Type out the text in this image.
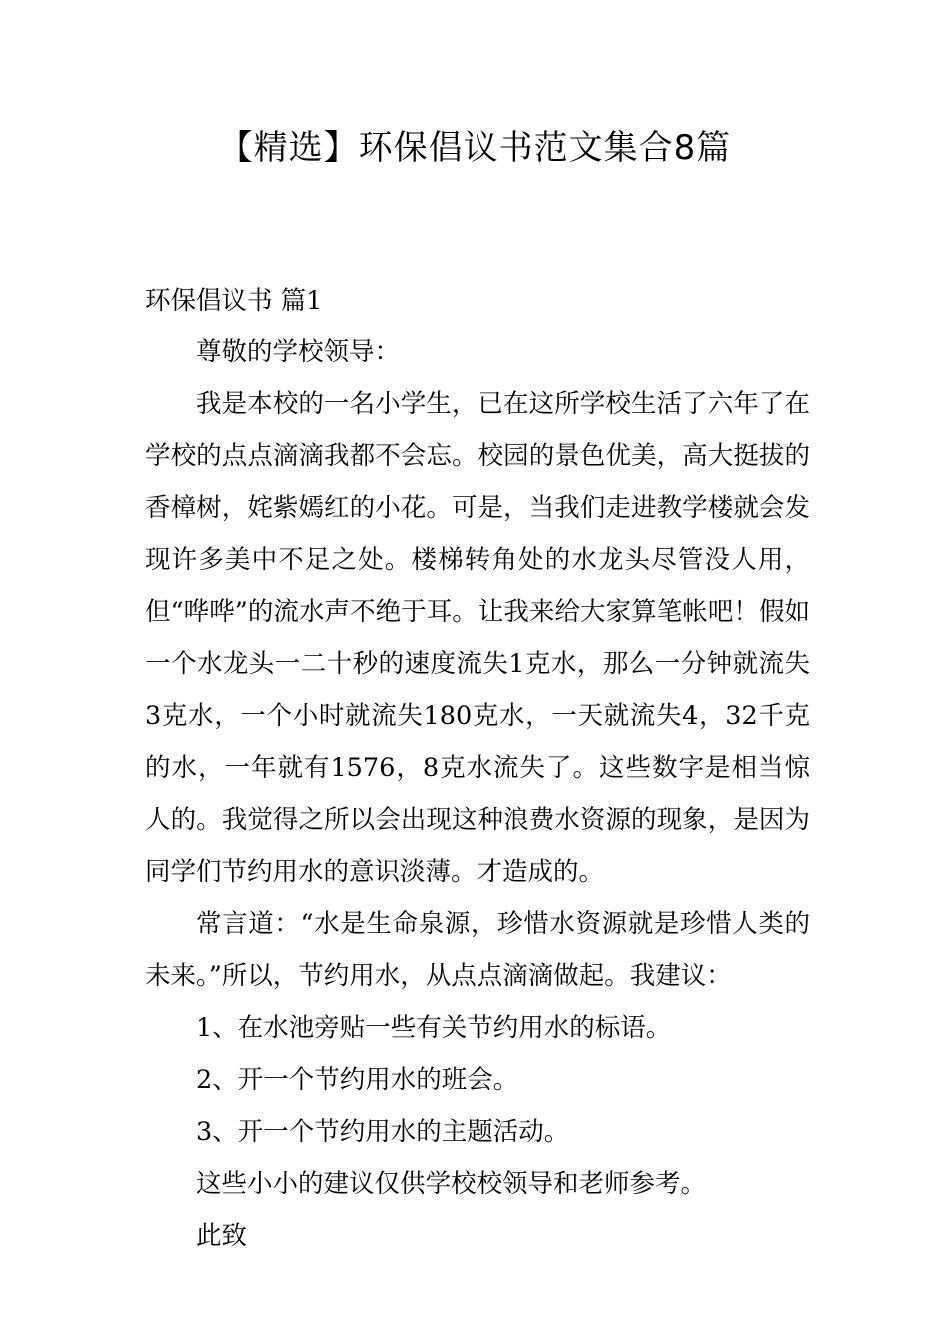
【精选】环保倡议书范文集合8篇

环保倡议书 篇1

尊敬的学校领导：

我是本校的一名小学生，已在这所学校生活了六年了在学校的点点滴滴我都不会忘。校园的景色优美，高大挺拔的香樟树，姹紫嫣红的小花。可是，当我们走进教学楼就会发现许多美中不足之处。楼梯转角处的水龙头尽管没人用，但“哗哗”的流水声不绝于耳。让我来给大家算笔帐吧！假如一个水龙头一二十秒的速度流失1克水，那么一分钟就流失3克水，一个小时就流失180克水，一天就流失4，32千克的水，一年就有1576，8克水流失了。这些数字是相当惊人的。我觉得之所以会出现这种浪费水资源的现象，是因为同学们节约用水的意识淡薄。才造成的。

常言道：“水是生命泉源，珍惜水资源就是珍惜人类的未来。”所以，节约用水，从点点滴滴做起。我建议：

1、在水池旁贴一些有关节约用水的标语。

2、开一个节约用水的班会。

3、开一个节约用水的主题活动。

这些小小的建议仅供学校校领导和老师参考。

此致
